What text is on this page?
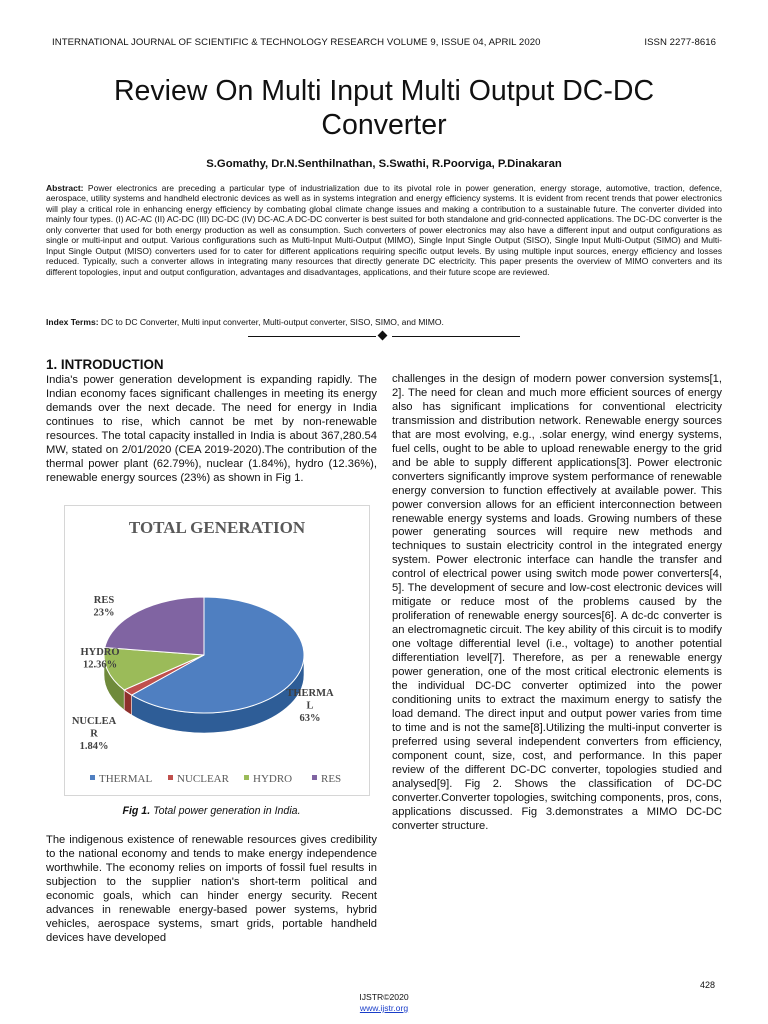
INTERNATIONAL JOURNAL OF SCIENTIFIC & TECHNOLOGY RESEARCH VOLUME 9, ISSUE 04, APRIL 2020	ISSN 2277-8616
Review On Multi Input Multi Output DC-DC
Converter
S.Gomathy, Dr.N.Senthilnathan, S.Swathi, R.Poorviga, P.Dinakaran
Abstract: Power electronics are preceding a particular type of industrialization due to its pivotal role in power generation, energy storage, automotive, traction, defence, aerospace, utility systems and handheld electronic devices as well as in systems integration and energy efficiency systems. It is evident from recent trends that power electronics will play a critical role in enhancing energy efficiency by combating global climate change issues and making a contribution to a sustainable future. The converter divided into mainly four types. (I) AC-AC (II) AC-DC (III) DC-DC (IV) DC-AC.A DC-DC converter is best suited for both standalone and grid-connected applications. The DC-DC converter is the only converter that used for both energy production as well as consumption. Such converters of power electronics may also have a different input and output configurations as single or multi-input and output. Various configurations such as Multi-Input Multi-Output (MIMO), Single Input Single Output (SISO), Single Input Multi-Output (SIMO) and Multi-Input Single Output (MISO) converters used for to cater for different applications requiring specific output levels. By using multiple input sources, energy efficiency and losses reduced. Typically, such a converter allows in integrating many resources that directly generate DC electricity. This paper presents the overview of MIMO converters and its different topologies, input and output configuration, advantages and disadvantages, applications, and their future scope are reviewed.
Index Terms: DC to DC Converter, Multi input converter, Multi-output converter, SISO, SIMO, and MIMO.
1. INTRODUCTION
India's power generation development is expanding rapidly. The Indian economy faces significant challenges in meeting its energy demands over the next decade. The need for energy in India continues to rise, which cannot be met by non-renewable resources. The total capacity installed in India is about 367,280.54 MW, stated on 2/01/2020 (CEA 2019-2020).The contribution of the thermal power plant (62.79%), nuclear (1.84%), hydro (12.36%), renewable energy sources (23%) as shown in Fig 1.
TOTAL GENERATION
THERMA L 63%
NUCLEA R 1.84%
HYDRO 12.36%
RES 23%
THERMAL NUCLEAR HYDRO	RES
Fig 1. Total power generation in India.
The indigenous existence of renewable resources gives credibility to the national economy and tends to make energy independence worthwhile. The economy relies on imports of fossil fuel results in subjection to the supplier nation's short-term political and economic goals, which can hinder energy security. Recent advances in renewable energy-based power systems, hybrid vehicles, aerospace systems, smart grids, portable handheld devices have developed
challenges in the design of modern power conversion systems[1, 2]. The need for clean and much more efficient sources of energy also has significant implications for conventional electricity transmission and distribution network. Renewable energy sources that are most evolving, e.g., .solar energy, wind energy systems, fuel cells, ought to be able to upload renewable energy to the grid and be able to supply different applications[3]. Power electronic converters significantly improve system performance of renewable energy conversion to function effectively at available power. This power conversion allows for an efficient interconnection between renewable energy systems and loads. Growing numbers of these power generating sources will require new methods and techniques to sustain electricity control in the integrated energy system. Power electronic interface can handle the transfer and control of electrical power using switch mode power converters[4, 5]. The development of secure and low-cost electronic devices will mitigate or reduce most of the problems caused by the proliferation of renewable energy sources[6]. A dc-dc converter is an electromagnetic circuit. The key ability of this circuit is to modify one voltage differential level (i.e., voltage) to another potential differentiation level[7]. Therefore, as per a renewable energy power generation, one of the most critical electronic elements is the individual DC-DC converter optimized into the power conditioning units to extract the maximum energy to satisfy the load demand. The direct input and output power varies from time to time and is not the same[8].Utilizing the multi-input converter is preferred using several independent converters from efficiency, component count, size, cost, and performance. In this paper review of the different DC-DC converter, topologies studied and analysed[9]. Fig 2. Shows the classification of DC-DC converter.Converter topologies, switching components, pros, cons, applications discussed. Fig 3.demonstrates a MIMO DC-DC converter structure.
428
IJSTR©2020
www.ijstr.org
